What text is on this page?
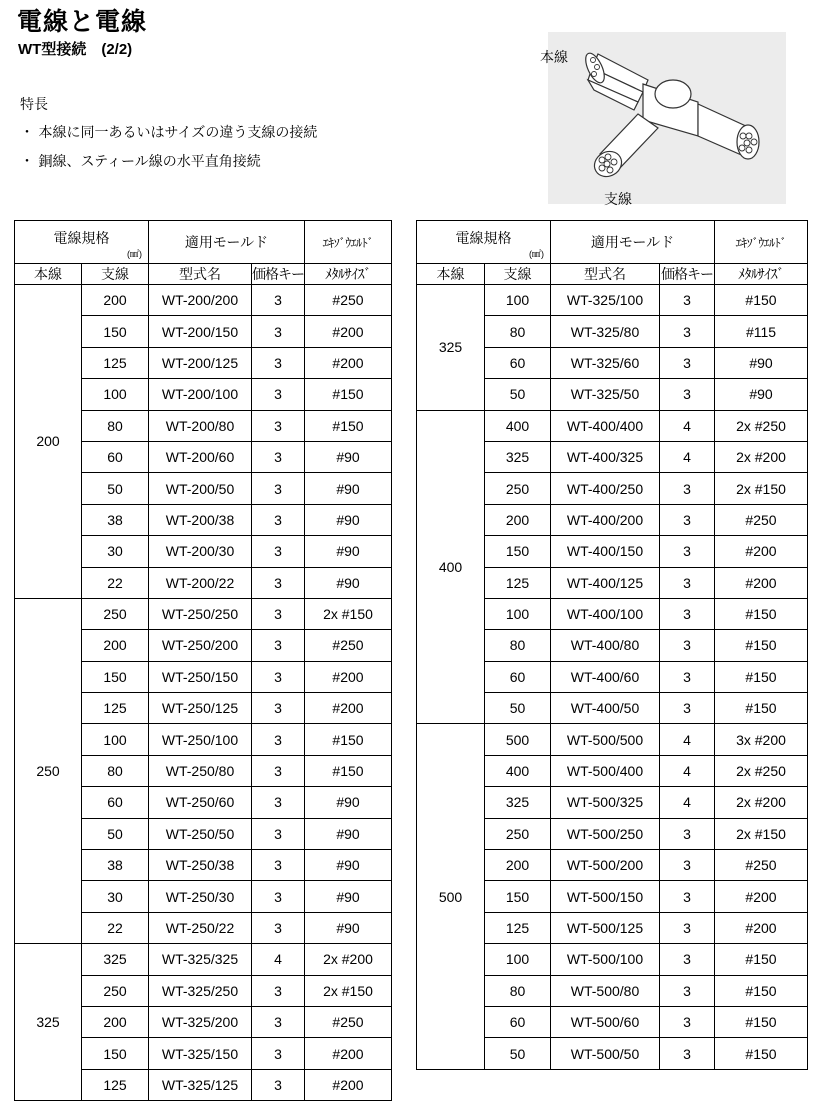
電線と電線
WT型接続　(2/2)
特長
・ 本線に同一あるいはサイズの違う支線の接続
・ 銅線、スティール線の水平直角接続
本線
支線
電線規格
(㎟)		適用モールド		ｴｷｿﾞｳｴﾙﾄﾞ
本線	支線	型式名	価格キー	ﾒﾀﾙｻｲｽﾞ
200	200	WT-200/200	3	#250
	150	WT-200/150	3	#200
	125	WT-200/125	3	#200
	100	WT-200/100	3	#150
	80	WT-200/80	3	#150
	60	WT-200/60	3	#90
	50	WT-200/50	3	#90
	38	WT-200/38	3	#90
	30	WT-200/30	3	#90
	22	WT-200/22	3	#90
250	250	WT-250/250	3	2x #150
	200	WT-250/200	3	#250
	150	WT-250/150	3	#200
	125	WT-250/125	3	#200
	100	WT-250/100	3	#150
	80	WT-250/80	3	#150
	60	WT-250/60	3	#90
	50	WT-250/50	3	#90
	38	WT-250/38	3	#90
	30	WT-250/30	3	#90
	22	WT-250/22	3	#90
325	325	WT-325/325	4	2x #200
	250	WT-325/250	3	2x #150
	200	WT-325/200	3	#250
	150	WT-325/150	3	#200
	125	WT-325/125	3	#200
電線規格
(㎟)		適用モールド		ｴｷｿﾞｳｴﾙﾄﾞ
本線	支線	型式名	価格キー	ﾒﾀﾙｻｲｽﾞ
325	100	WT-325/100	3	#150
	80	WT-325/80	3	#115
	60	WT-325/60	3	#90
	50	WT-325/50	3	#90
400	400	WT-400/400	4	2x #250
	325	WT-400/325	4	2x #200
	250	WT-400/250	3	2x #150
	200	WT-400/200	3	#250
	150	WT-400/150	3	#200
	125	WT-400/125	3	#200
	100	WT-400/100	3	#150
	80	WT-400/80	3	#150
	60	WT-400/60	3	#150
	50	WT-400/50	3	#150
500	500	WT-500/500	4	3x #200
	400	WT-500/400	4	2x #250
	325	WT-500/325	4	2x #200
	250	WT-500/250	3	2x #150
	200	WT-500/200	3	#250
	150	WT-500/150	3	#200
	125	WT-500/125	3	#200
	100	WT-500/100	3	#150
	80	WT-500/80	3	#150
	60	WT-500/60	3	#150
	50	WT-500/50	3	#150
